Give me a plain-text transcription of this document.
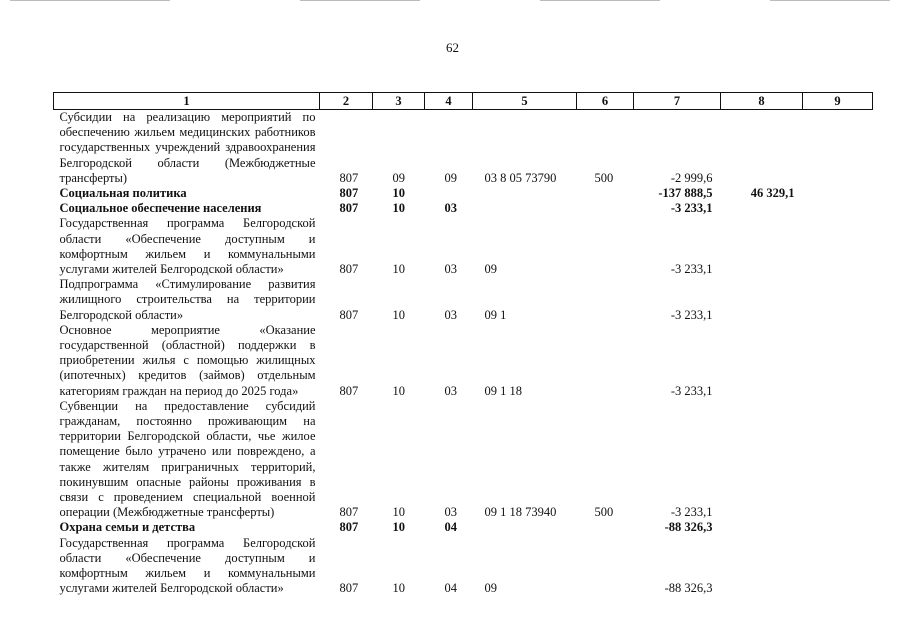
62
1	2	3	4	5	6	7	8	9
Субсидии на реализацию мероприятий по обеспечению жильем медицинских работников государственных учреждений здравоохранения Белгородской области (Межбюджетные трансферты)	807	09	09	03 8 05 73790	500	-2 999,6		
Социальная политика	807	10				-137 888,5	46 329,1	
Социальное обеспечение населения	807	10	03			-3 233,1		
Государственная программа Белгородской области «Обеспечение доступным и комфортным жильем и коммунальными услугами жителей Белгородской области»	807	10	03	09		-3 233,1		
Подпрограмма «Стимулирование развития жилищного строительства на территории Белгородской области»	807	10	03	09 1		-3 233,1		
Основное мероприятие «Оказание государственной (областной) поддержки в приобретении жилья с помощью жилищных (ипотечных) кредитов (займов) отдельным категориям граждан на период до 2025 года»	807	10	03	09 1 18		-3 233,1		
Субвенции на предоставление субсидий гражданам, постоянно проживающим на территории Белгородской области, чье жилое помещение было утрачено или повреждено, а также жителям приграничных территорий, покинувшим опасные районы проживания в связи с проведением специальной военной операции (Межбюджетные трансферты)	807	10	03	09 1 18 73940	500	-3 233,1		
Охрана семьи и детства	807	10	04			-88 326,3		
Государственная программа Белгородской области «Обеспечение доступным и комфортным жильем и коммунальными услугами жителей Белгородской области»	807	10	04	09		-88 326,3		
